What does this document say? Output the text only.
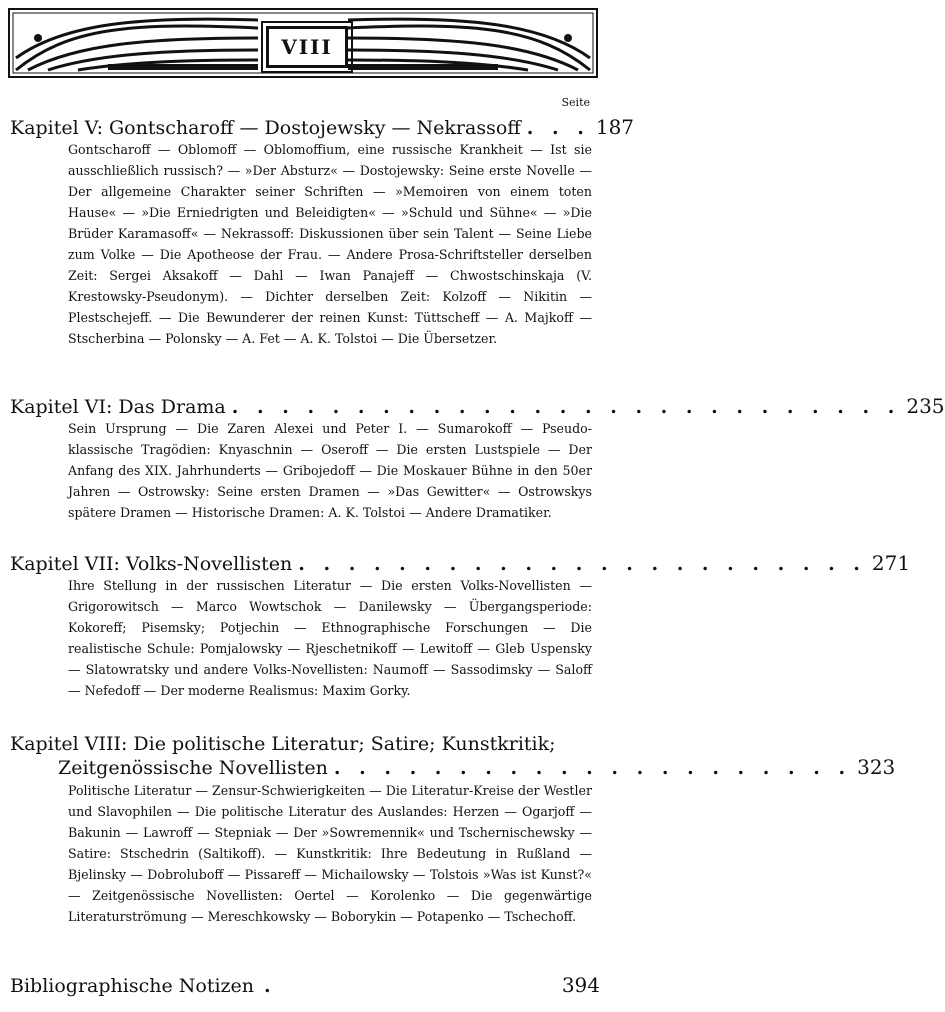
VIII
Seite
Kapitel V: Gontscharoff — Dostojewsky — Nekrassoff . . . 187

Gontscharoff — Oblomoff — Oblomoffium, eine russische Krankheit — Ist sie ausschließlich russisch? — »Der Absturz« — Dostojewsky: Seine erste Novelle — Der allgemeine Charakter seiner Schriften — »Memoiren von einem toten Hause« — »Die Erniedrigten und Beleidigten« — »Schuld und Sühne« — »Die Brüder Karamasoff« — Nekrassoff: Diskussionen über sein Talent — Seine Liebe zum Volke — Die Apotheose der Frau. — Andere Prosa-Schriftsteller derselben Zeit: Sergei Aksakoff — Dahl — Iwan Panajeff — Chwostschinskaja (V. Krestowsky-Pseudonym). — Dichter derselben Zeit: Kolzoff — Nikitin — Plestschejeff. — Die Bewunderer der reinen Kunst: Tüttscheff — A. Majkoff — Stscherbina — Polonsky — A. Fet — A. K. Tolstoi — Die Übersetzer.

Kapitel VI: Das Drama . . . . . . . . . . . . . . . . . . . . . . . . . . . 235

Sein Ursprung — Die Zaren Alexei und Peter I. — Sumarokoff — Pseudo-klassische Tragödien: Knyaschnin — Oseroff — Die ersten Lustspiele — Der Anfang des XIX. Jahrhunderts — Gribojedoff — Die Moskauer Bühne in den 50er Jahren — Ostrowsky: Seine ersten Dramen — »Das Gewitter« — Ostrowskys spätere Dramen — Historische Dramen: A. K. Tolstoi — Andere Dramatiker.

Kapitel VII: Volks-Novellisten . . . . . . . . . . . . . . . . . . . . . . . 271

Ihre Stellung in der russischen Literatur — Die ersten Volks-Novellisten — Grigorowitsch — Marco Wowtschok — Danilewsky — Übergangsperiode: Kokoreff; Pisemsky; Potjechin — Ethnographische Forschungen — Die realistische Schule: Pomjalowsky — Rjeschetnikoff — Lewitoff — Gleb Uspensky — Slatowratsky und andere Volks-Novellisten: Naumoff — Sassodimsky — Saloff — Nefedoff — Der moderne Realismus: Maxim Gorky.

Kapitel VIII: Die politische Literatur; Satire; Kunstkritik;
Zeitgenössische Novellisten . . . . . . . . . . . . . . . . . . . . . 323

Politische Literatur — Zensur-Schwierigkeiten — Die Literatur-Kreise der Westler und Slavophilen — Die politische Literatur des Auslandes: Herzen — Ogarjoff — Bakunin — Lawroff — Stepniak — Der »Sowremennik« und Tschernischewsky — Satire: Stschedrin (Saltikoff). — Kunstkritik: Ihre Bedeutung in Rußland — Bjelinsky — Dobroluboff — Pissareff — Michailowsky — Tolstois »Was ist Kunst?« — Zeitgenössische Novellisten: Oertel — Korolenko — Die gegenwärtige Literaturströmung — Mereschkowsky — Boborykin — Potapenko — Tschechoff.

Bibliographische Notizen .	394
